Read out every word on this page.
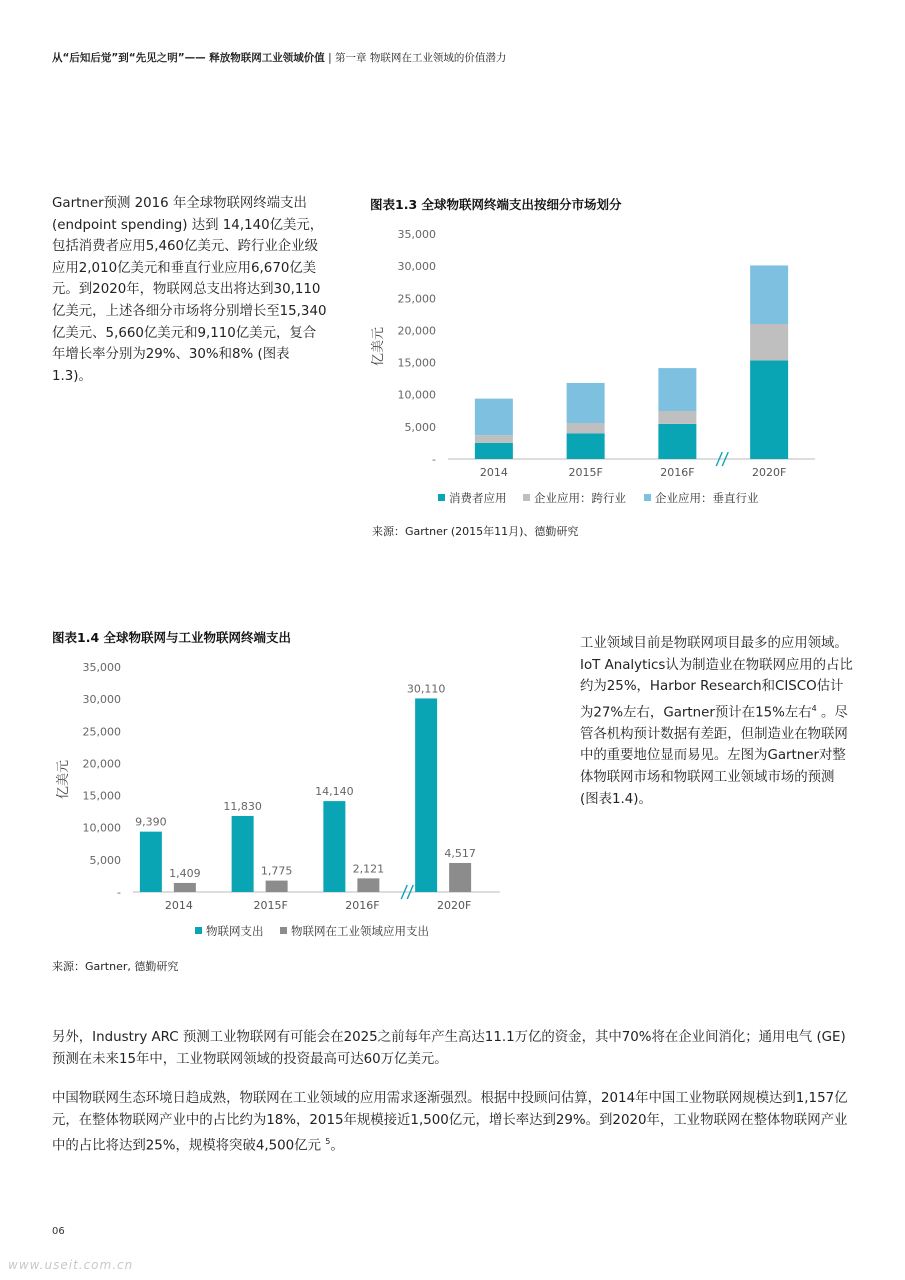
从“后知后觉”到“先见之明”—— 释放物联网工业领域价值 | 第一章 物联网在工业领域的价值潜力
Gartner预测 2016 年全球物联网终端支出 (endpoint spending) 达到 14,140亿美元，包括消费者应用5,460亿美元、跨行业企业级应用2,010亿美元和垂直行业应用6,670亿美元。到2020年，物联网总支出将达到30,110亿美元，上述各细分市场将分别增长至15,340亿美元、5,660亿美元和9,110亿美元，复合年增长率分别为29%、30%和8% (图表1.3)。
图表1.3 全球物联网终端支出按细分市场划分
-
5,000
10,000
15,000
20,000
25,000
30,000
35,000
亿美元
2014	2015F	2016F	2020F
消费者应用 企业应用：跨行业	企业应用：垂直行业
来源：Gartner (2015年11月)、德勤研究
图表1.4 全球物联网与工业物联网终端支出
-
5,000
10,000
15,000
20,000
25,000
30,000
35,000
亿美元
2014
9,390
1,409
2015F
11,830
1,775
2016F
14,140
2,121
2020F
30,110
4,517
物联网支出 物联网在工业领域应用支出
来源：Gartner, 德勤研究
工业领域目前是物联网项目最多的应用领域。IoT Analytics认为制造业在物联网应用的占比约为25%，Harbor Research和CISCO估计为27%左右，Gartner预计在15%左右$^4$ 。尽管各机构预计数据有差距，但制造业在物联网中的重要地位显而易见。左图为Gartner对整体物联网市场和物联网工业领域市场的预测 (图表1.4)。
另外，Industry ARC 预测工业物联网有可能会在2025之前每年产生高达11.1万亿的资金，其中70%将在企业间消化；通用电气 (GE) 预测在未来15年中，工业物联网领域的投资最高可达60万亿美元。
中国物联网生态环境日趋成熟，物联网在工业领域的应用需求逐渐强烈。根据中投顾问估算，2014年中国工业物联网规模达到1,157亿元，在整体物联网产业中的占比约为18%，2015年规模接近1,500亿元，增长率达到29%。到2020年，工业物联网在整体物联网产业中的占比将达到25%，规模将突破4,500亿元 $^5$。
06
www.useit.com.cn
